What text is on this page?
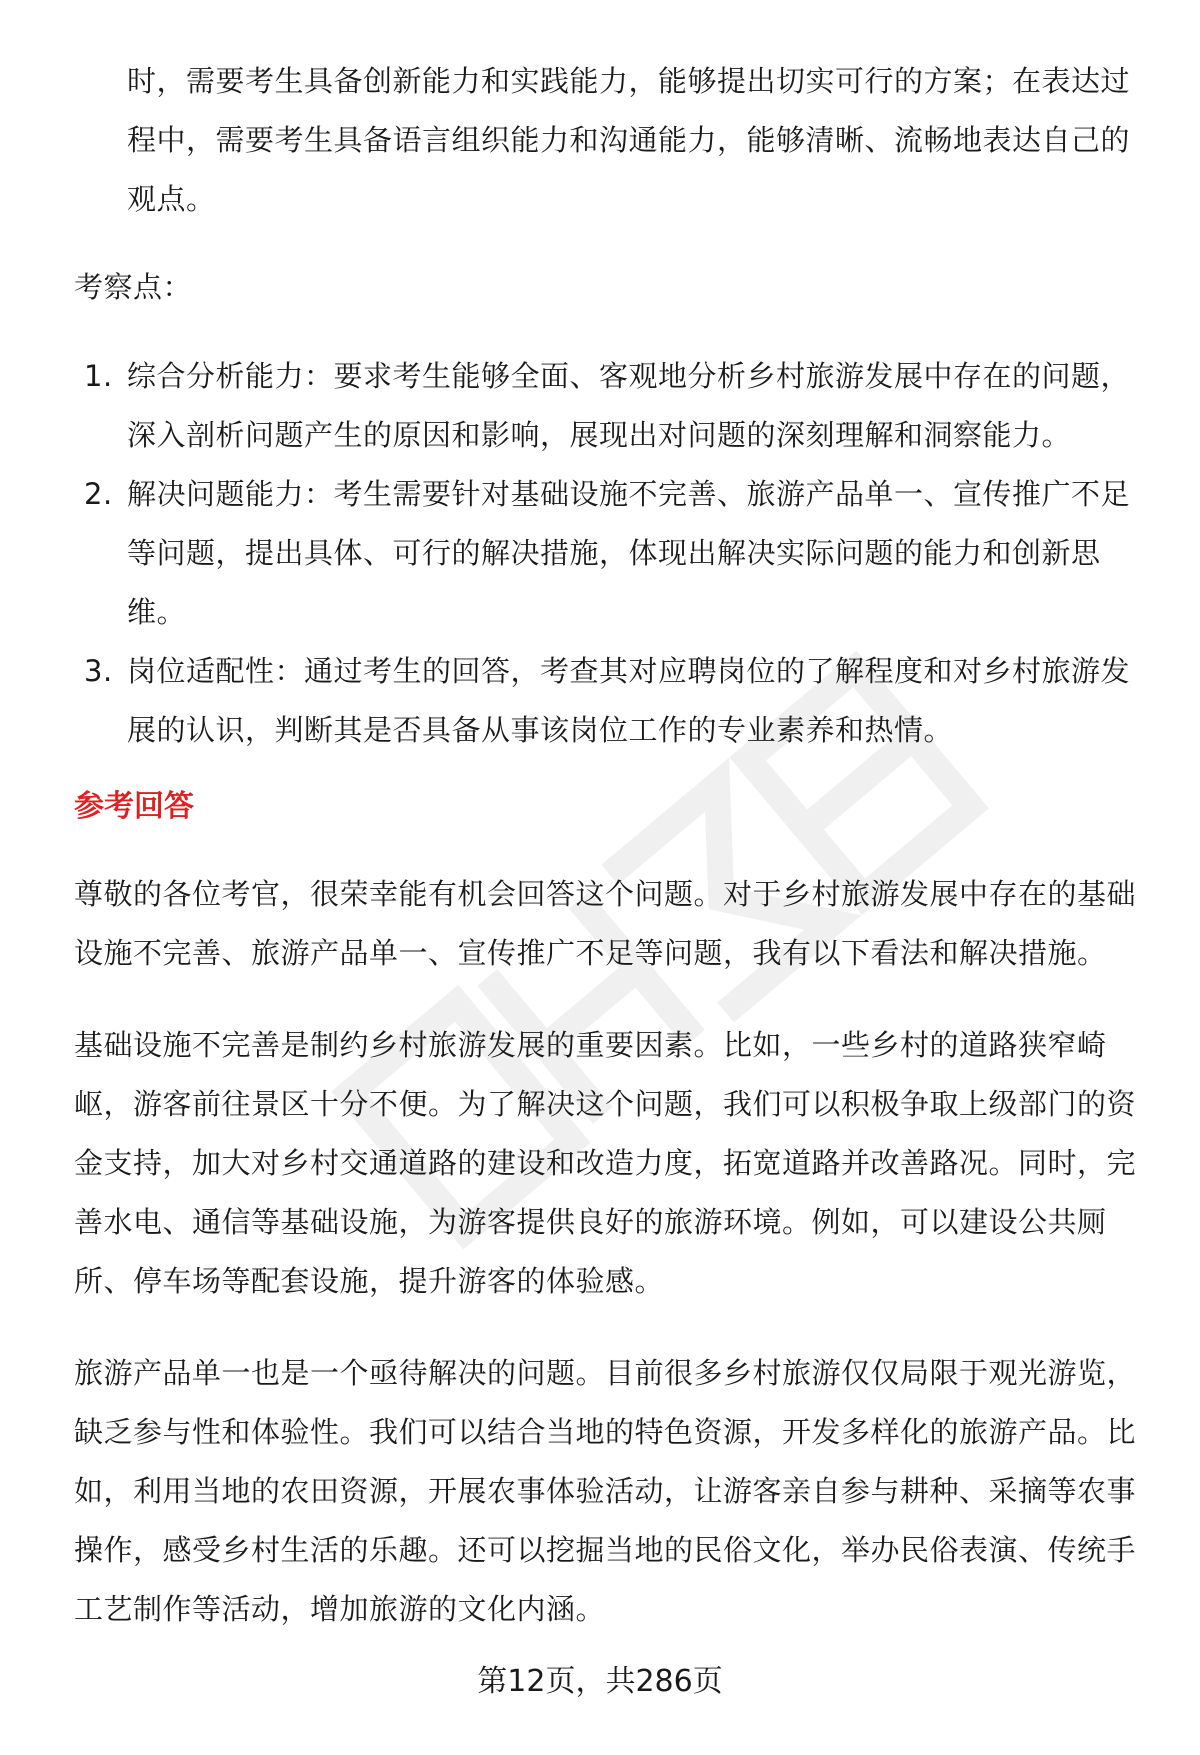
时，需要考生具备创新能力和实践能力，能够提出切实可行的方案；在表达过程中，需要考生具备语言组织能力和沟通能力，能够清晰、流畅地表达自己的观点。

考察点：

1. 综合分析能力：要求考生能够全面、客观地分析乡村旅游发展中存在的问题，深入剖析问题产生的原因和影响，展现出对问题的深刻理解和洞察能力。
2. 解决问题能力：考生需要针对基础设施不完善、旅游产品单一、宣传推广不足等问题，提出具体、可行的解决措施，体现出解决实际问题的能力和创新思维。
3. 岗位适配性：通过考生的回答，考查其对应聘岗位的了解程度和对乡村旅游发展的认识，判断其是否具备从事该岗位工作的专业素养和热情。
参考回答

尊敬的各位考官，很荣幸能有机会回答这个问题。对于乡村旅游发展中存在的基础设施不完善、旅游产品单一、宣传推广不足等问题，我有以下看法和解决措施。

基础设施不完善是制约乡村旅游发展的重要因素。比如，一些乡村的道路狭窄崎岖，游客前往景区十分不便。为了解决这个问题，我们可以积极争取上级部门的资金支持，加大对乡村交通道路的建设和改造力度，拓宽道路并改善路况。同时，完善水电、通信等基础设施，为游客提供良好的旅游环境。例如，可以建设公共厕所、停车场等配套设施，提升游客的体验感。

旅游产品单一也是一个亟待解决的问题。目前很多乡村旅游仅仅局限于观光游览，缺乏参与性和体验性。我们可以结合当地的特色资源，开发多样化的旅游产品。比如，利用当地的农田资源，开展农事体验活动，让游客亲自参与耕种、采摘等农事操作，感受乡村生活的乐趣。还可以挖掘当地的民俗文化，举办民俗表演、传统手工艺制作等活动，增加旅游的文化内涵。

第12页，共286页
